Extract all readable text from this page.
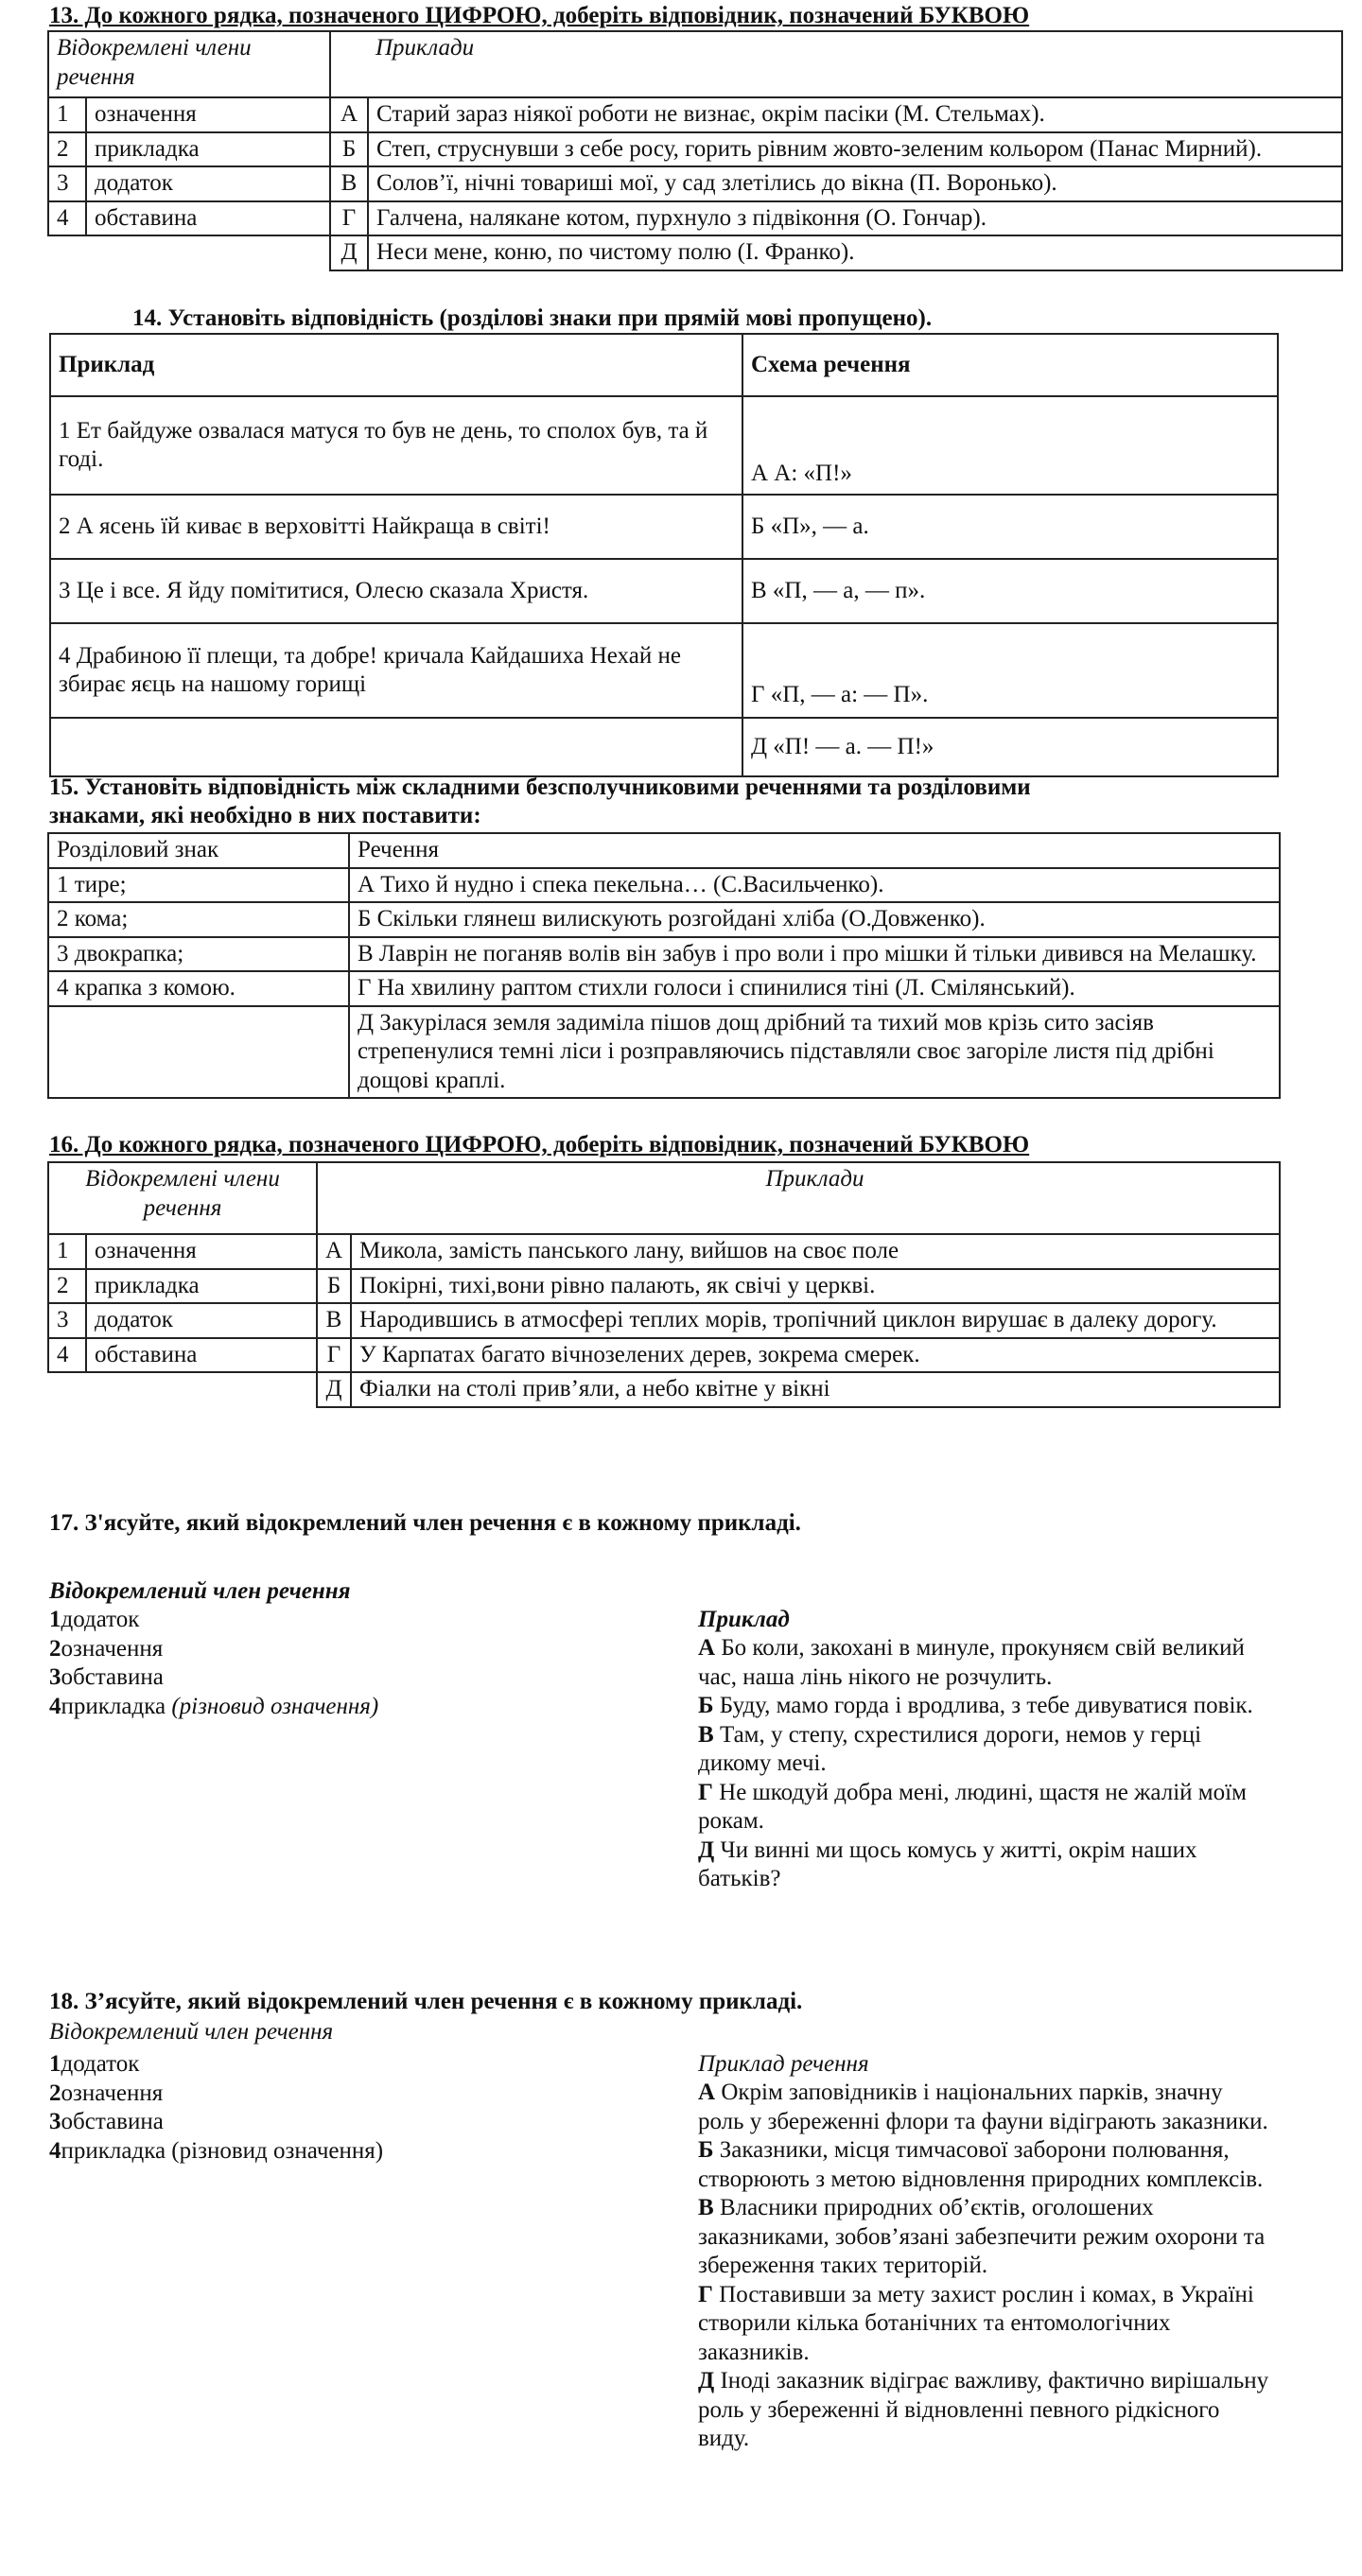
13. До кожного рядка, позначеного ЦИФРОЮ, доберіть відповідник, позначений БУКВОЮ
Відокремлені члени речення			Приклади
1	означення	А	Старий зараз ніякої роботи не визнає, окрім пасіки (М. Стельмах).
2	прикладка	Б	Степ, струснувши з себе росу, горить рівним жовто-зеленим кольором (Панас Мирний).
3	додаток	В	Солов’ї, нічні товариші мої, у сад злетілись до вікна (П. Воронько).
4	обставина	Г	Галчена, налякане котом, пурхнуло з підвіконня (О. Гончар).
		Д	Неси мене, коню, по чистому полю (І. Франко).
14. Установіть відповідність (розділові знаки при прямій мові пропущено).
Приклад	Схема речення
1 Ет байдуже озвалася матуся то був не день, то сполох був, та й годі.	А А: «П!»
2 А ясень їй киває в верховітті Найкраща в світі!	Б «П», — а.
3 Це і все. Я йду помітитися, Олесю сказала Христя.	В «П, — а, — п».
4 Драбиною її плещи, та добре! кричала Кайдашиха Нехай не збирає яєць на нашому горищі	Г «П, — а: — П».
	Д «П! — а. — П!»
15. Установіть відповідність між складними безсполучниковими реченнями та розділовими
знаками, які необхідно в них поставити:
Розділовий знак	Речення
1 тире;	А Тихо й нудно і спека пекельна… (С.Васильченко).
2 кома;	Б Скільки глянеш вилискують розгойдані хліба (О.Довженко).
3 двокрапка;	В Лаврін не поганяв волів він забув і про воли і про мішки й тільки дивився на Мелашку.
4 крапка з комою.	Г На хвилину раптом стихли голоси і спинилися тіні (Л. Смілянський).
	Д Закурілася земля задиміла пішов дощ дрібний та тихий мов крізь сито засіяв стрепенулися темні ліси і розправляючись підставляли своє загоріле листя під дрібні дощові краплі.
16. До кожного рядка, позначеного ЦИФРОЮ, доберіть відповідник, позначений БУКВОЮ
Відокремлені члени речення			Приклади
1	означення	А	Микола, замість панського лану, вийшов на своє поле
2	прикладка	Б	Покірні, тихі,вони рівно палають, як свічі у церкві.
3	додаток	В	Народившись в атмосфері теплих морів, тропічний циклон вирушає в далеку дорогу.
4	обставина	Г	У Карпатах багато вічнозелених дерев, зокрема смерек.
		Д	Фіалки на столі прив’яли, а небо квітне у вікні
17. З'ясуйте, який відокремлений член речення є в кожному прикладі.
Відокремлений член речення
1додаток
2означення
3обставина
4прикладка (різновид означення)
Приклад
А Бо коли, закохані в минуле, прокуняєм свій великий час, наша лінь нікого не розчулить.
Б Буду, мамо горда і вродлива, з тебе дивуватися повік.
В Там, у степу, схрестилися дороги, немов у герці дикому мечі.
Г Не шкодуй добра мені, людині, щастя не жалій моїм рокам.
Д Чи винні ми щось комусь у житті, окрім наших батьків?
18. З’ясуйте, який відокремлений член речення є в кожному прикладі.
Відокремлений член речення
1додаток
2означення
3обставина
4прикладка (різновид означення)
Приклад речення
А Окрім заповідників і національних парків, значну роль у збереженні флори та фауни відіграють заказники.
Б Заказники, місця тимчасової заборони полювання, створюють з метою відновлення природних комплексів.
В Власники природних об’єктів, оголошених заказниками, зобов’язані забезпечити режим охорони та збереження таких територій.
Г Поставивши за мету захист рослин і комах, в Україні створили кілька ботанічних та ентомологічних заказників.
Д Іноді заказник відіграє важливу, фактично вирішальну роль у збереженні й відновленні певного рідкісного виду.
